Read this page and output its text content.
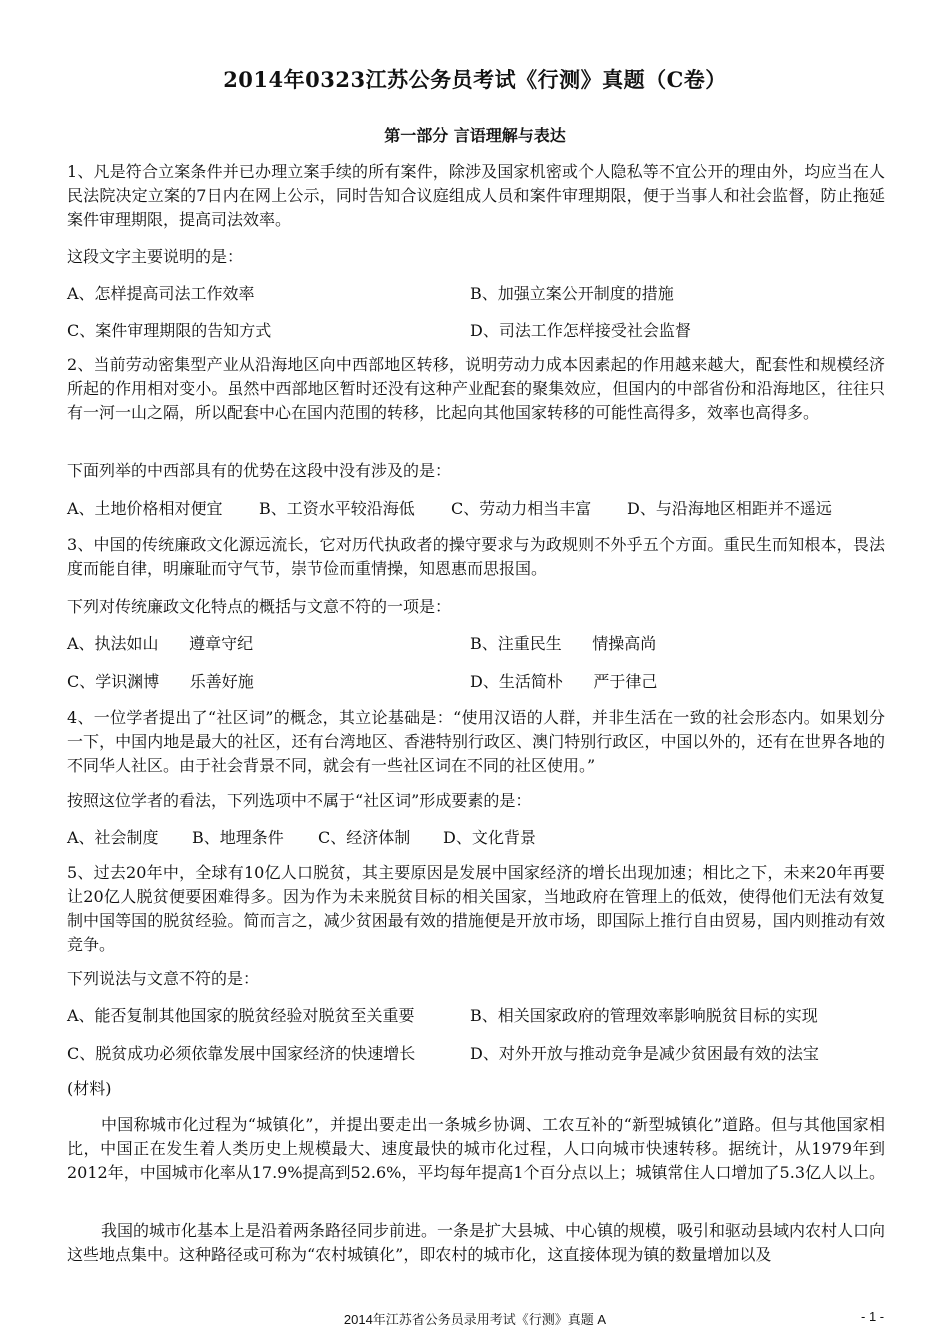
2014年0323江苏公务员考试《行测》真题（C卷）
第一部分 言语理解与表达

1、凡是符合立案条件并已办理立案手续的所有案件，除涉及国家机密或个人隐私等不宜公开的理由外，均应当在人民法院决定立案的7日内在网上公示，同时告知合议庭组成人员和案件审理期限，便于当事人和社会监督，防止拖延案件审理期限，提高司法效率。

这段文字主要说明的是：
A、怎样提高司法工作效率	B、加强立案公开制度的措施
C、案件审理期限的告知方式	D、司法工作怎样接受社会监督

2、当前劳动密集型产业从沿海地区向中西部地区转移，说明劳动力成本因素起的作用越来越大，配套性和规模经济所起的作用相对变小。虽然中西部地区暂时还没有这种产业配套的聚集效应，但国内的中部省份和沿海地区，往往只有一河一山之隔，所以配套中心在国内范围的转移，比起向其他国家转移的可能性高得多，效率也高得多。

下面列举的中西部具有的优势在这段中没有涉及的是：
A、土地价格相对便宜 B、工资水平较沿海低 C、劳动力相当丰富 D、与沿海地区相距并不遥远

3、中国的传统廉政文化源远流长，它对历代执政者的操守要求与为政规则不外乎五个方面。重民生而知根本，畏法度而能自律，明廉耻而守气节，崇节俭而重情操，知恩惠而思报国。

下列对传统廉政文化特点的概括与文意不符的一项是：
A、执法如山      遵章守纪	B、注重民生      情操高尚
C、学识渊博      乐善好施	D、生活简朴      严于律己

4、一位学者提出了“社区词”的概念，其立论基础是：“使用汉语的人群，并非生活在一致的社会形态内。如果划分一下，中国内地是最大的社区，还有台湾地区、香港特别行政区、澳门特别行政区，中国以外的，还有在世界各地的不同华人社区。由于社会背景不同，就会有一些社区词在不同的社区使用。”

按照这位学者的看法，下列选项中不属于“社区词”形成要素的是：
A、社会制度 B、地理条件 C、经济体制 D、文化背景

5、过去20年中，全球有10亿人口脱贫，其主要原因是发展中国家经济的增长出现加速；相比之下，未来20年再要让20亿人脱贫便要困难得多。因为作为未来脱贫目标的相关国家，当地政府在管理上的低效，使得他们无法有效复制中国等国的脱贫经验。简而言之，减少贫困最有效的措施便是开放市场，即国际上推行自由贸易，国内则推动有效竞争。

下列说法与文意不符的是：
A、能否复制其他国家的脱贫经验对脱贫至关重要	B、相关国家政府的管理效率影响脱贫目标的实现
C、脱贫成功必须依靠发展中国家经济的快速增长	D、对外开放与推动竞争是减少贫困最有效的法宝
(材料)

中国称城市化过程为“城镇化”，并提出要走出一条城乡协调、工农互补的“新型城镇化”道路。但与其他国家相比，中国正在发生着人类历史上规模最大、速度最快的城市化过程，人口向城市快速转移。据统计，从1979年到2012年，中国城市化率从17.9%提高到52.6%，平均每年提高1个百分点以上；城镇常住人口增加了5.3亿人以上。

我国的城市化基本上是沿着两条路径同步前进。一条是扩大县城、中心镇的规模，吸引和驱动县域内农村人口向这些地点集中。这种路径或可称为“农村城镇化”，即农村的城市化，这直接体现为镇的数量增加以及

2014年江苏省公务员录用考试《行测》真题 A	- 1 -
